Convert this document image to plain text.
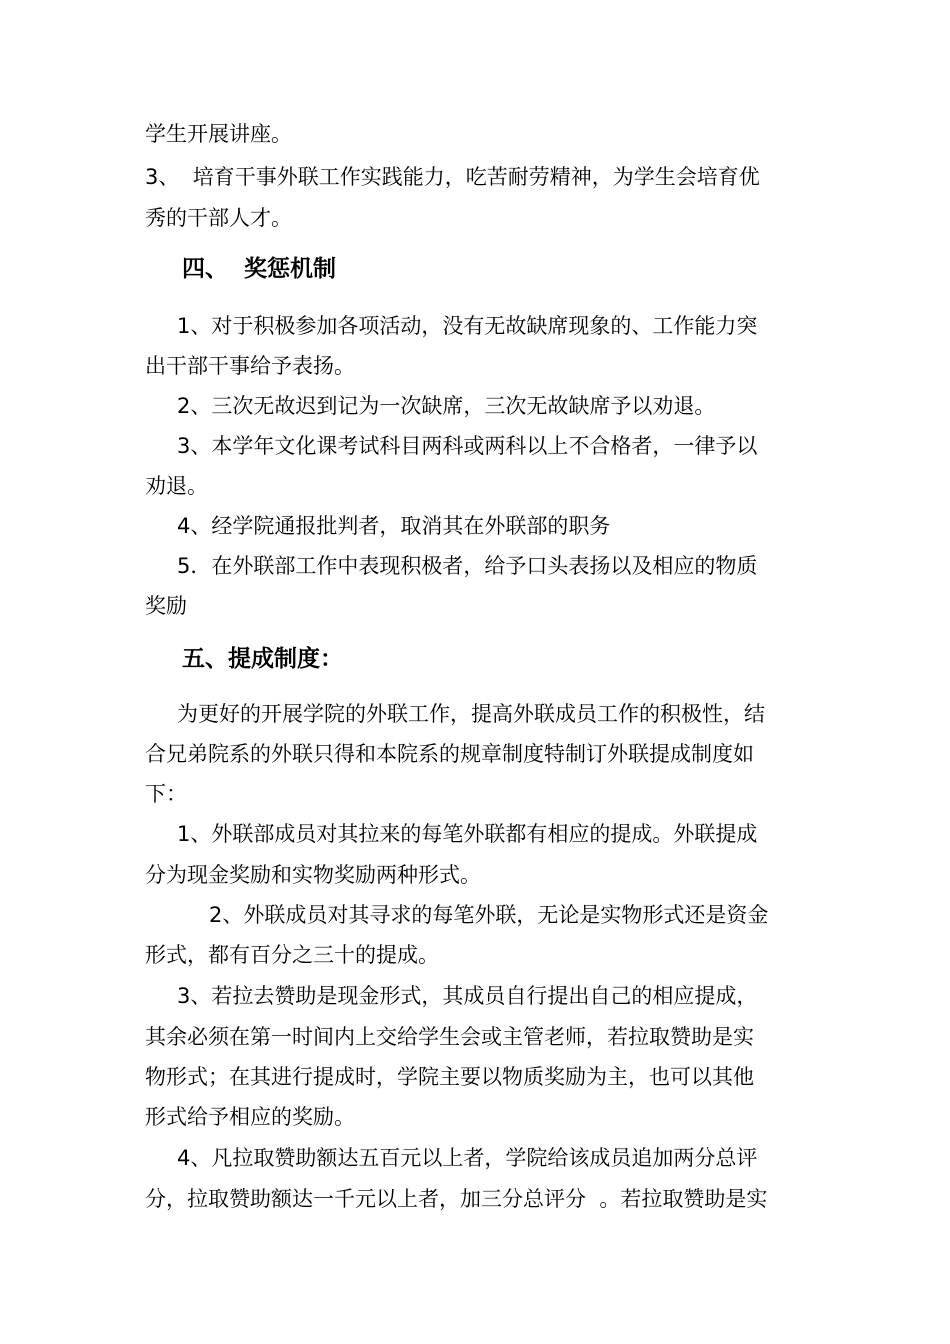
学生开展讲座。
3、  培育干事外联工作实践能力，吃苦耐劳精神，为学生会培育优
秀的干部人才。
四、  奖惩机制
1、对于积极参加各项活动，没有无故缺席现象的、工作能力突
出干部干事给予表扬。
2、三次无故迟到记为一次缺席，三次无故缺席予以劝退。
3、本学年文化课考试科目两科或两科以上不合格者，一律予以
劝退。
4、经学院通报批判者，取消其在外联部的职务
5．在外联部工作中表现积极者，给予口头表扬以及相应的物质
奖励
五、提成制度：
为更好的开展学院的外联工作，提高外联成员工作的积极性，结
合兄弟院系的外联只得和本院系的规章制度特制订外联提成制度如
下：
1、外联部成员对其拉来的每笔外联都有相应的提成。外联提成
分为现金奖励和实物奖励两种形式。
2、外联成员对其寻求的每笔外联，无论是实物形式还是资金
形式，都有百分之三十的提成。
3、若拉去赞助是现金形式，其成员自行提出自己的相应提成，
其余必须在第一时间内上交给学生会或主管老师，若拉取赞助是实
物形式；在其进行提成时，学院主要以物质奖励为主，也可以其他
形式给予相应的奖励。
4、凡拉取赞助额达五百元以上者，学院给该成员追加两分总评
分，拉取赞助额达一千元以上者，加三分总评分  。若拉取赞助是实
